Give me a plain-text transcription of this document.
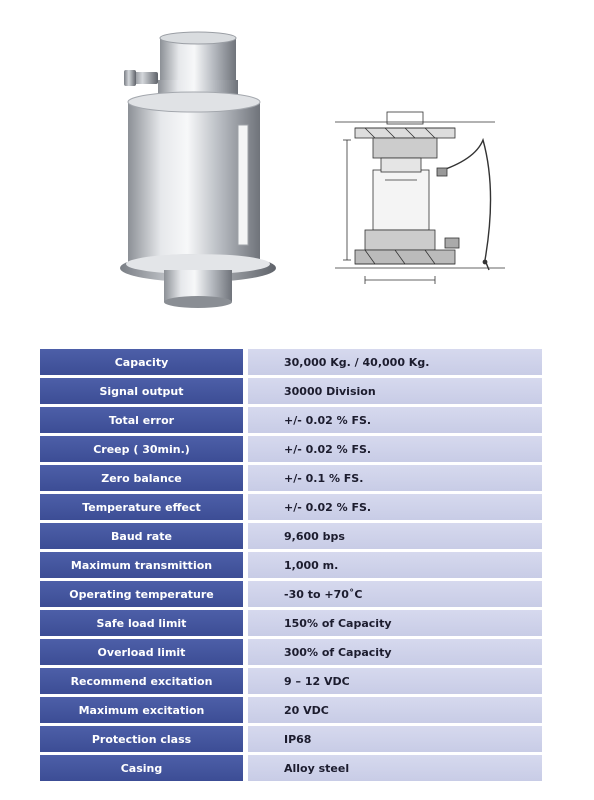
Capacity		30,000 Kg. / 40,000 Kg.
Signal output		30000 Division
Total error		+/- 0.02 % FS.
Creep ( 30min.)		+/- 0.02 % FS.
Zero balance		+/- 0.1 % FS.
Temperature effect		+/- 0.02 % FS.
Baud rate		9,600 bps
Maximum transmittion		1,000 m.
Operating temperature		-30 to +70˚C
Safe load limit		150% of Capacity
Overload limit		300% of Capacity
Recommend excitation		9 – 12 VDC
Maximum excitation		20 VDC
Protection class		IP68
Casing		Alloy steel
